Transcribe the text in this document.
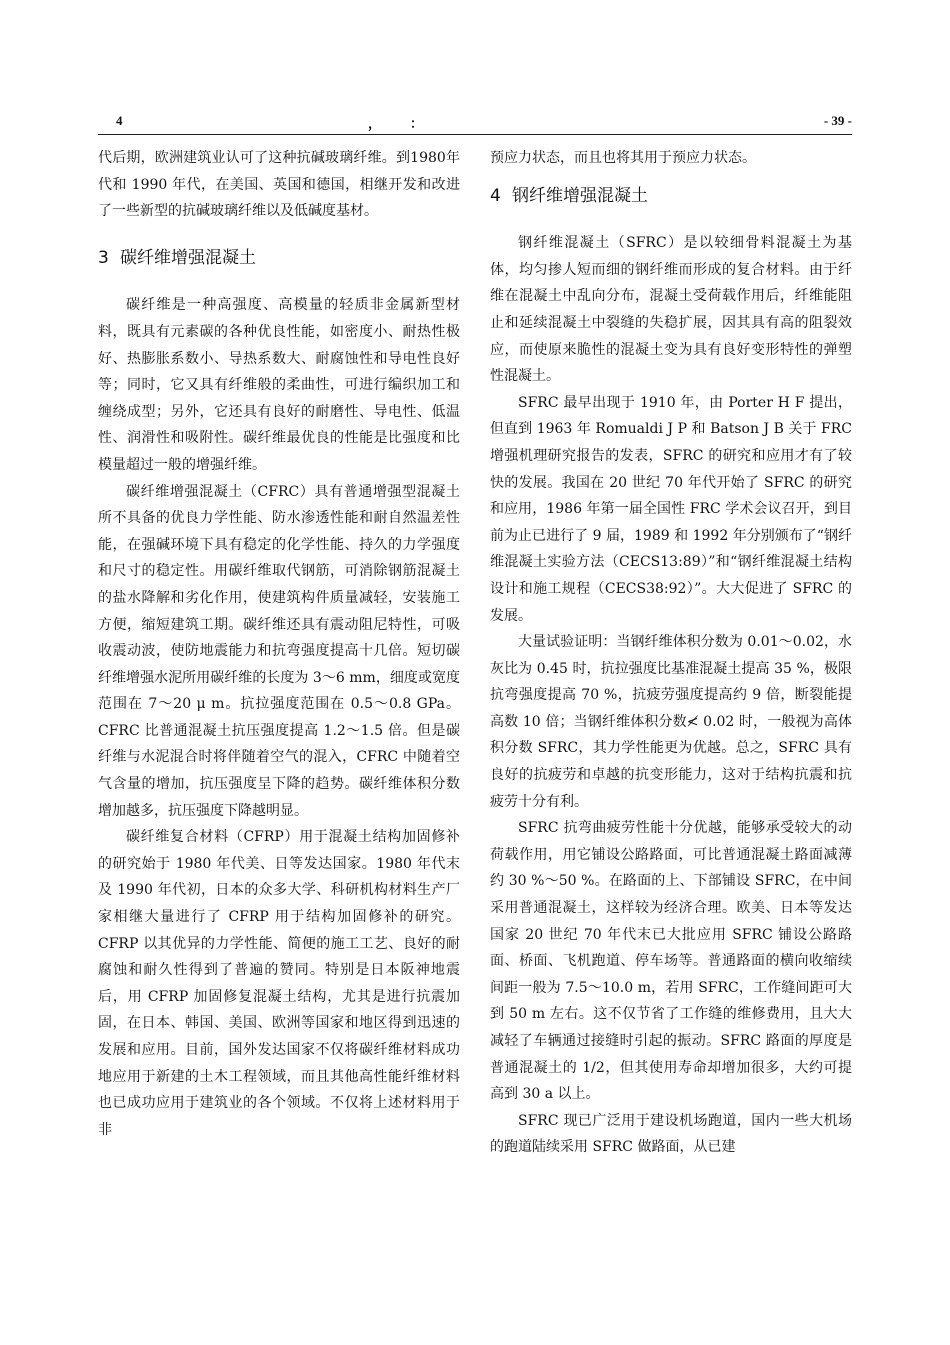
4	， ：	- 39 -

代后期，欧洲建筑业认可了这种抗碱玻璃纤维。到1980年代和 1990 年代，在美国、英国和德国，相继开发和改进了一些新型的抗碱玻璃纤维以及低碱度基材。

3 碳纤维增强混凝土

碳纤维是一种高强度、高模量的轻质非金属新型材料，既具有元素碳的各种优良性能，如密度小、耐热性极好、热膨胀系数小、导热系数大、耐腐蚀性和导电性良好等；同时，它又具有纤维般的柔曲性，可进行编织加工和缠绕成型；另外，它还具有良好的耐磨性、导电性、低温性、润滑性和吸附性。碳纤维最优良的性能是比强度和比模量超过一般的增强纤维。

碳纤维增强混凝土（CFRC）具有普通增强型混凝土所不具备的优良力学性能、防水渗透性能和耐自然温差性能，在强碱环境下具有稳定的化学性能、持久的力学强度和尺寸的稳定性。用碳纤维取代钢筋，可消除钢筋混凝土的盐水降解和劣化作用，使建筑构件质量减轻，安装施工方便，缩短建筑工期。碳纤维还具有震动阻尼特性，可吸收震动波，使防地震能力和抗弯强度提高十几倍。短切碳纤维增强水泥所用碳纤维的长度为 3～6 mm，细度或宽度范围在 7～20 μ m。抗拉强度范围在 0.5～0.8 GPa。CFRC 比普通混凝土抗压强度提高 1.2～1.5 倍。但是碳纤维与水泥混合时将伴随着空气的混入，CFRC 中随着空气含量的增加，抗压强度呈下降的趋势。碳纤维体积分数增加越多，抗压强度下降越明显。

碳纤维复合材料（CFRP）用于混凝土结构加固修补的研究始于 1980 年代美、日等发达国家。1980 年代末及 1990 年代初，日本的众多大学、科研机构材料生产厂家相继大量进行了 CFRP 用于结构加固修补的研究。CFRP 以其优异的力学性能、简便的施工工艺、良好的耐腐蚀和耐久性得到了普遍的赞同。特别是日本阪神地震后，用 CFRP 加固修复混凝土结构，尤其是进行抗震加固，在日本、韩国、美国、欧洲等国家和地区得到迅速的发展和应用。目前，国外发达国家不仅将碳纤维材料成功地应用于新建的土木工程领域，而且其他高性能纤维材料也已成功应用于建筑业的各个领域。不仅将上述材料用于非

预应力状态，而且也将其用于预应力状态。

4 钢纤维增强混凝土

钢纤维混凝土（SFRC）是以较细骨料混凝土为基体，均匀掺人短而细的钢纤维而形成的复合材料。由于纤维在混凝土中乱向分布，混凝土受荷载作用后，纤维能阻止和延续混凝土中裂缝的失稳扩展，因其具有高的阻裂效应，而使原来脆性的混凝土变为具有良好变形特性的弹塑性混凝土。

SFRC 最早出现于 1910 年，由 Porter H F 提出，但直到 1963 年 Romualdi J P 和 Batson J B 关于 FRC 增强机理研究报告的发表，SFRC 的研究和应用才有了较快的发展。我国在 20 世纪 70 年代开始了 SFRC 的研究和应用，1986 年第一届全国性 FRC 学术会议召开，到目前为止已进行了 9 届，1989 和 1992 年分别颁布了“钢纤维混凝土实验方法（CECS13:89）”和“钢纤维混凝土结构设计和施工规程（CECS38:92）”。大大促进了 SFRC 的发展。

大量试验证明：当钢纤维体积分数为 0.01～0.02，水灰比为 0.45 时，抗拉强度比基准混凝土提高 35 %，极限抗弯强度提高 70 %，抗疲劳强度提高约 9 倍，断裂能提高数 10 倍；当钢纤维体积分数≮ 0.02 时，一般视为高体积分数 SFRC，其力学性能更为优越。总之，SFRC 具有良好的抗疲劳和卓越的抗变形能力，这对于结构抗震和抗疲劳十分有利。

SFRC 抗弯曲疲劳性能十分优越，能够承受较大的动荷载作用，用它铺设公路路面，可比普通混凝土路面减薄约 30 %～50 %。在路面的上、下部铺设 SFRC，在中间采用普通混凝土，这样较为经济合理。欧美、日本等发达国家 20 世纪 70 年代末已大批应用 SFRC 铺设公路路面、桥面、飞机跑道、停车场等。普通路面的横向收缩续间距一般为 7.5～10.0 m，若用 SFRC，工作缝间距可大到 50 m 左右。这不仅节省了工作缝的维修费用，且大大减轻了车辆通过接缝时引起的振动。SFRC 路面的厚度是普通混凝土的 1/2，但其使用寿命却增加很多，大约可提高到 30 a 以上。

SFRC 现已广泛用于建设机场跑道，国内一些大机场的跑道陆续采用 SFRC 做路面，从已建
